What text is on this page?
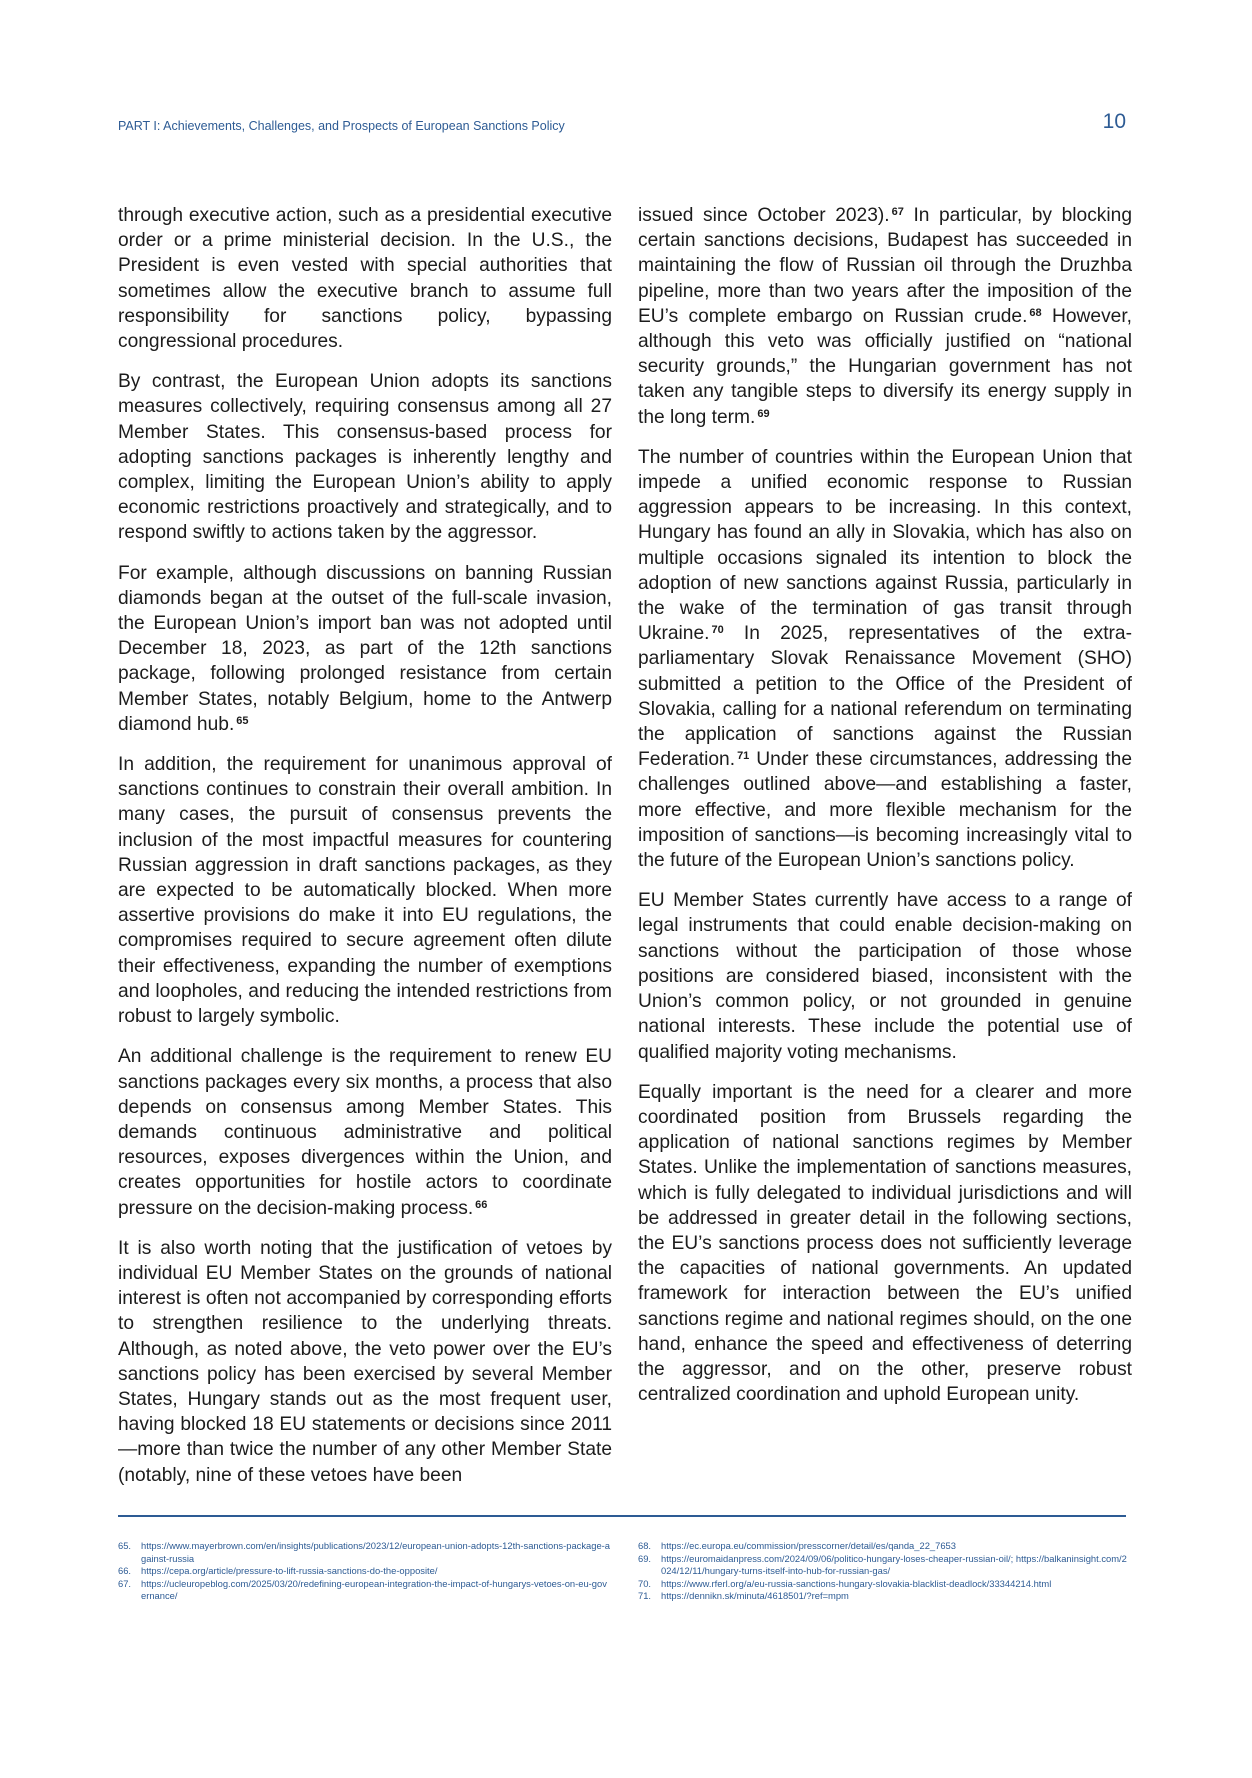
PART I: Achievements, Challenges, and Prospects of European Sanctions Policy	10

through executive action, such as a presidential executive order or a prime ministerial decision. In the U.S., the President is even vested with special authorities that sometimes allow the executive branch to assume full responsibility for sanctions policy, bypassing congressional procedures.

By contrast, the European Union adopts its sanctions measures collectively, requiring consensus among all 27 Member States. This consensus-based process for adopting sanctions packages is inherently lengthy and complex, limiting the European Union’s ability to apply economic restrictions proactively and strategically, and to respond swiftly to actions taken by the aggressor.

For example, although discussions on banning Russian diamonds began at the outset of the full-scale invasion, the European Union’s import ban was not adopted until December 18, 2023, as part of the 12th sanctions package, following prolonged resistance from certain Member States, notably Belgium, home to the Antwerp diamond hub. $^{65}$

In addition, the requirement for unanimous approval of sanctions continues to constrain their overall ambition. In many cases, the pursuit of consensus prevents the inclusion of the most impactful measures for countering Russian aggression in draft sanctions packages, as they are expected to be automatically blocked. When more assertive provisions do make it into EU regulations, the compromises required to secure agreement often dilute their effectiveness, expanding the number of exemptions and loopholes, and reducing the intended restrictions from robust to largely symbolic.

An additional challenge is the requirement to renew EU sanctions packages every six months, a process that also depends on consensus among Member States. This demands continuous administrative and political resources, exposes divergences within the Union, and creates opportunities for hostile actors to coordinate pressure on the decision-making process. $^{66}$

It is also worth noting that the justification of vetoes by individual EU Member States on the grounds of national interest is often not accompanied by corresponding efforts to strengthen resilience to the underlying threats. Although, as noted above, the veto power over the EU’s sanctions policy has been exercised by several Member States, Hungary stands out as the most frequent user, having blocked 18 EU statements or decisions since 2011—more than twice the number of any other Member State (notably, nine of these vetoes have been

issued since October 2023). $^{67}$ In particular, by blocking certain sanctions decisions, Budapest has succeeded in maintaining the flow of Russian oil through the Druzhba pipeline, more than two years after the imposition of the EU’s complete embargo on Russian crude. $^{68}$ However, although this veto was officially justified on “national security grounds,” the Hungarian government has not taken any tangible steps to diversify its energy supply in the long term. $^{69}$

The number of countries within the European Union that impede a unified economic response to Russian aggression appears to be increasing. In this context, Hungary has found an ally in Slovakia, which has also on multiple occasions signaled its intention to block the adoption of new sanctions against Russia, particularly in the wake of the termination of gas transit through Ukraine. $^{70}$ In 2025, representatives of the extra-parliamentary Slovak Renaissance Movement (SHO) submitted a petition to the Office of the President of Slovakia, calling for a national referendum on terminating the application of sanctions against the Russian Federation. $^{71}$ Under these circumstances, addressing the challenges outlined above—and establishing a faster, more effective, and more flexible mechanism for the imposition of sanctions—is becoming increasingly vital to the future of the European Union’s sanctions policy.

EU Member States currently have access to a range of legal instruments that could enable decision-making on sanctions without the participation of those whose positions are considered biased, inconsistent with the Union’s common policy, or not grounded in genuine national interests. These include the potential use of qualified majority voting mechanisms.

Equally important is the need for a clearer and more coordinated position from Brussels regarding the application of national sanctions regimes by Member States. Unlike the implementation of sanctions measures, which is fully delegated to individual jurisdictions and will be addressed in greater detail in the following sections, the EU’s sanctions process does not sufficiently leverage the capacities of national governments. An updated framework for interaction between the EU’s unified sanctions regime and national regimes should, on the one hand, enhance the speed and effectiveness of deterring the aggressor, and on the other, preserve robust centralized coordination and uphold European unity.

65. https://www.mayerbrown.com/en/insights/publications/2023/12/european-union-adopts-12th-sanctions-package-against-russia
66. https://cepa.org/article/pressure-to-lift-russia-sanctions-do-the-opposite/
67. https://ucleuropeblog.com/2025/03/20/redefining-european-integration-the-impact-of-hungarys-vetoes-on-eu-governance/
68. https://ec.europa.eu/commission/presscorner/detail/es/qanda_22_7653
69. https://euromaidanpress.com/2024/09/06/politico-hungary-loses-cheaper-russian-oil/; https://balkaninsight.com/2024/12/11/hungary-turns-itself-into-hub-for-russian-gas/
70. https://www.rferl.org/a/eu-russia-sanctions-hungary-slovakia-blacklist-deadlock/33344214.html
71. https://dennikn.sk/minuta/4618501/?ref=mpm
